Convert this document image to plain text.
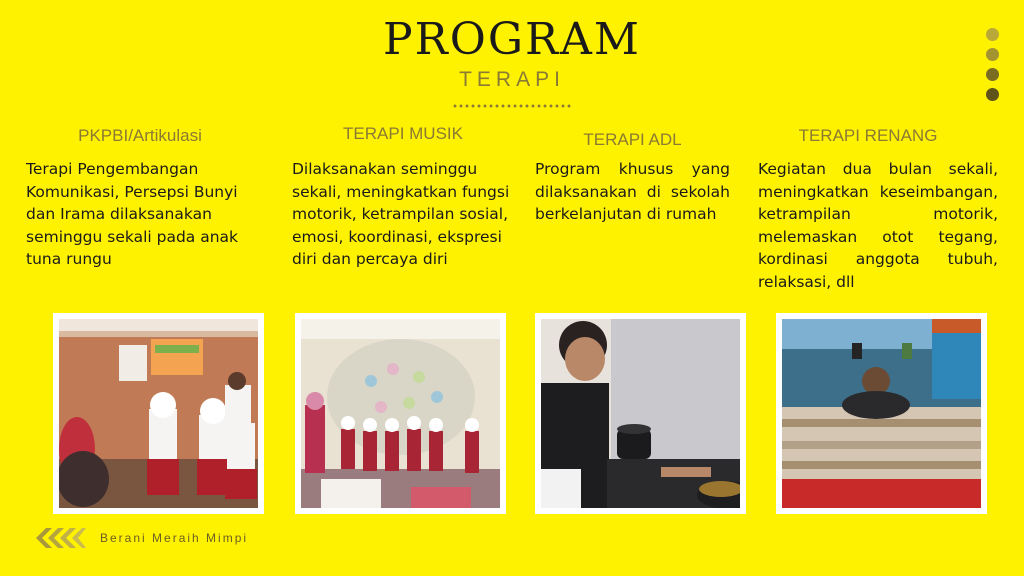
PROGRAM
TERAPI
PKPBI/Artikulasi
Terapi Pengembangan Komunikasi, Persepsi Bunyi dan Irama dilaksanakan seminggu sekali pada anak tuna rungu
TERAPI MUSIK
Dilaksanakan seminggu sekali, meningkatkan fungsi motorik, ketrampilan sosial, emosi, koordinasi, ekspresi diri dan percaya diri
TERAPI ADL
Program khusus yang dilaksanakan di sekolah berkelanjutan di rumah
TERAPI RENANG
Kegiatan dua bulan sekali, meningkatkan keseimbangan, ketrampilan motorik, melemaskan otot tegang, kordinasi anggota tubuh, relaksasi, dll
Berani Meraih Mimpi
